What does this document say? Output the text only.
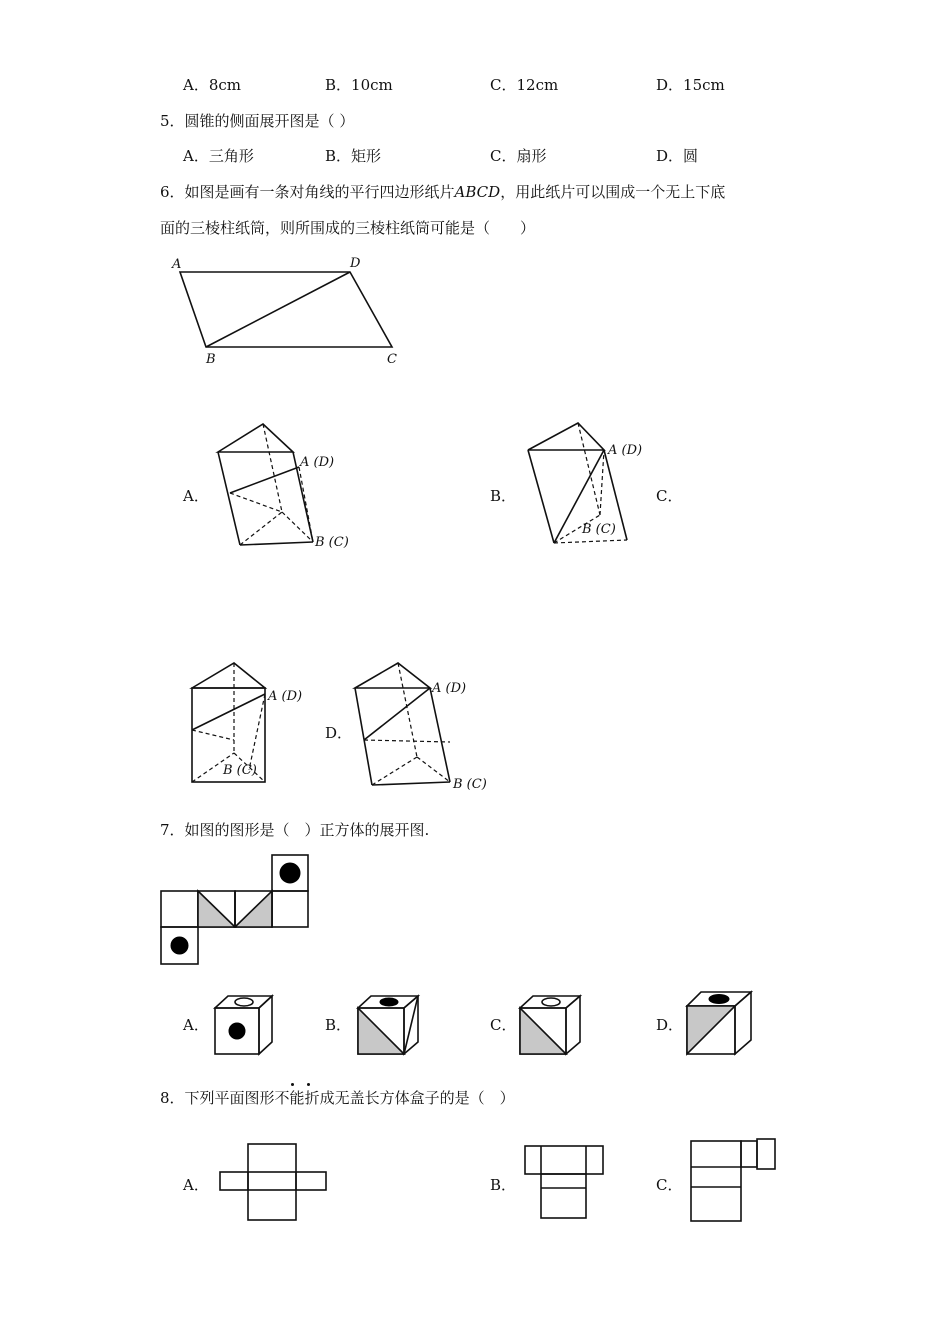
A．8cm	B．10cm	C．12cm	D．15cm
5．圆锥的侧面展开图是（ ）
A．三角形	B．矩形	C．扇形	D．圆
6．如图是画有一条对角线的平行四边形纸片ABCD，用此纸片可以围成一个无上下底
面的三棱柱纸筒，则所围成的三棱柱纸筒可能是（　　）
A	D
B	C
A．
A (D)
B (C)
B．
A (D)
B (C)
C．
A (D)
B (C)
D．
A (D)
B (C)
7．如图的图形是（　）正方体的展开图.
A．	B．	C．	D．
8．下列平面图形不能折成无盖长方体盒子的是（　）
A．	B．	C．
